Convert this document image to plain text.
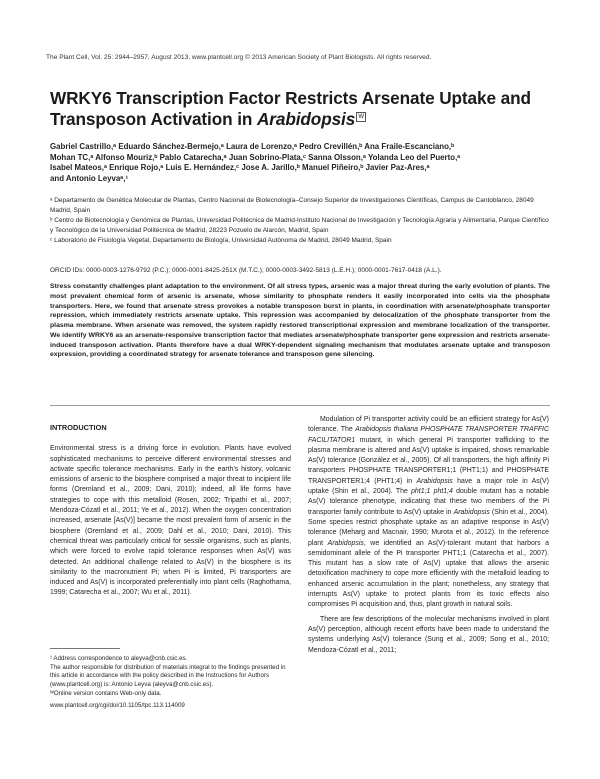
The Plant Cell, Vol. 25: 2944–2957, August 2013, www.plantcell.org © 2013 American Society of Plant Biologists. All rights reserved.
WRKY6 Transcription Factor Restricts Arsenate Uptake and
Transposon Activation in Arabidopsis W
Gabriel Castrillo,ᵃ Eduardo Sánchez-Bermejo,ᵃ Laura de Lorenzo,ᵃ Pedro Crevillén,ᵇ Ana Fraile-Escanciano,ᵇ
Mohan TC,ᵃ Alfonso Mouriz,ᵇ Pablo Catarecha,ᵃ Juan Sobrino-Plata,ᶜ Sanna Olsson,ᵃ Yolanda Leo del Puerto,ᵃ
Isabel Mateos,ᵃ Enrique Rojo,ᵃ Luis E. Hernández,ᶜ Jose A. Jarillo,ᵇ Manuel Piñeiro,ᵇ Javier Paz-Ares,ᵃ
and Antonio Leyvaᵃ,¹
ᵃ Departamento de Genética Molecular de Plantas, Centro Nacional de Biotecnología–Consejo Superior de Investigaciones Científicas, Campus de Cantoblanco, 28049 Madrid, Spain
ᵇ Centro de Biotecnología y Genómica de Plantas, Universidad Politécnica de Madrid-Instituto Nacional de Investigación y Tecnología Agraria y Alimentaria, Parque Científico y Tecnológico de la Universidad Politécnica de Madrid, 28223 Pozuelo de Alarcón, Madrid, Spain
ᶜ Laboratorio de Fisiología Vegetal, Departamento de Biología, Universidad Autónoma de Madrid, 28049 Madrid, Spain
ORCID IDs: 0000-0003-1276-9792 (P.C.); 0000-0001-8425-251X (M.T.C.); 0000-0003-3492-5813 (L.E.H.); 0000-0001-7617-0418 (A.L.).
Stress constantly challenges plant adaptation to the environment. Of all stress types, arsenic was a major threat during the early evolution of plants. The most prevalent chemical form of arsenic is arsenate, whose similarity to phosphate renders it easily incorporated into cells via the phosphate transporters. Here, we found that arsenate stress provokes a notable transposon burst in plants, in coordination with arsenate/phosphate transporter repression, which immediately restricts arsenate uptake. This repression was accompanied by delocalization of the phosphate transporter from the plasma membrane. When arsenate was removed, the system rapidly restored transcriptional expression and membrane localization of the transporter. We identify WRKY6 as an arsenate-responsive transcription factor that mediates arsenate/phosphate transporter gene expression and restricts arsenate-induced transposon activation. Plants therefore have a dual WRKY-dependent signaling mechanism that modulates arsenate uptake and transposon expression, providing a coordinated strategy for arsenate tolerance and transposon gene silencing.
INTRODUCTION

Environmental stress is a driving force in evolution. Plants have evolved sophisticated mechanisms to perceive different environmental stresses and activate specific tolerance mechanisms. Early in the earth's history, volcanic emissions of arsenic to the biosphere comprised a major threat to incipient life forms (Oremland et al., 2009; Dani, 2010); indeed, all life forms have strategies to cope with this metalloid (Rosen, 2002; Tripathi et al., 2007; Mendoza-Cózatl et al., 2011; Ye et al., 2012). When the oxygen concentration increased, arsenate [As(V)] became the most prevalent form of arsenic in the biosphere (Oremland et al., 2009; Dahl et al., 2010; Dani, 2010). This chemical threat was particularly critical for sessile organisms, such as plants, which were forced to evolve rapid tolerance responses when As(V) was detected. An additional challenge related to As(V) in the biosphere is its similarity to the macronutrient Pi; when Pi is limited, Pi transporters are induced and As(V) is incorporated preferentially into plant cells (Raghothama, 1999; Catarecha et al., 2007; Wu et al., 2011).

Modulation of Pi transporter activity could be an efficient strategy for As(V) tolerance. The Arabidopsis thaliana PHOSPHATE TRANSPORTER TRAFFIC FACILITATOR1 mutant, in which general Pi transporter trafficking to the plasma membrane is altered and As(V) uptake is impaired, shows remarkable As(V) tolerance (González et al., 2005). Of all transporters, the high affinity Pi transporters PHOSPHATE TRANSPORTER1;1 (PHT1;1) and PHOSPHATE TRANSPORTER1;4 (PHT1;4) in Arabidopsis have a major role in As(V) uptake (Shin et al., 2004). The pht1;1 pht1;4 double mutant has a notable As(V) tolerance phenotype, indicating that these two members of the Pi transporter family contribute to As(V) uptake in Arabidopsis (Shin et al., 2004). Some species restrict phosphate uptake as an adaptive response in As(V) tolerance (Meharg and Macnair, 1990; Murota et al., 2012). In the reference plant Arabidopsis, we identified an As(V)-tolerant mutant that harbors a semidominant allele of the Pi transporter PHT1;1 (Catarecha et al., 2007). This mutant has a slow rate of As(V) uptake that allows the arsenic detoxification machinery to cope more efficiently with the metalloid leading to enhanced arsenic accumulation in the plant; nonetheless, any strategy that interrupts As(V) uptake to protect plants from its toxic effects also compromises Pi acquisition and, thus, plant growth in natural soils.

There are few descriptions of the molecular mechanisms involved in plant As(V) perception, although recent efforts have been made to understand the systems underlying As(V) tolerance (Sung et al., 2009; Song et al., 2010; Mendoza-Cózatl et al., 2011;

¹ Address correspondence to aleyva@cnb.csic.es.

The author responsible for distribution of materials integral to the findings presented in this article in accordance with the policy described in the Instructions for Authors (www.plantcell.org) is: Antonio Leyva (aleyva@cnb.csic.es).

ᵂOnline version contains Web-only data.

www.plantcell.org/cgi/doi/10.1105/tpc.113.114009
